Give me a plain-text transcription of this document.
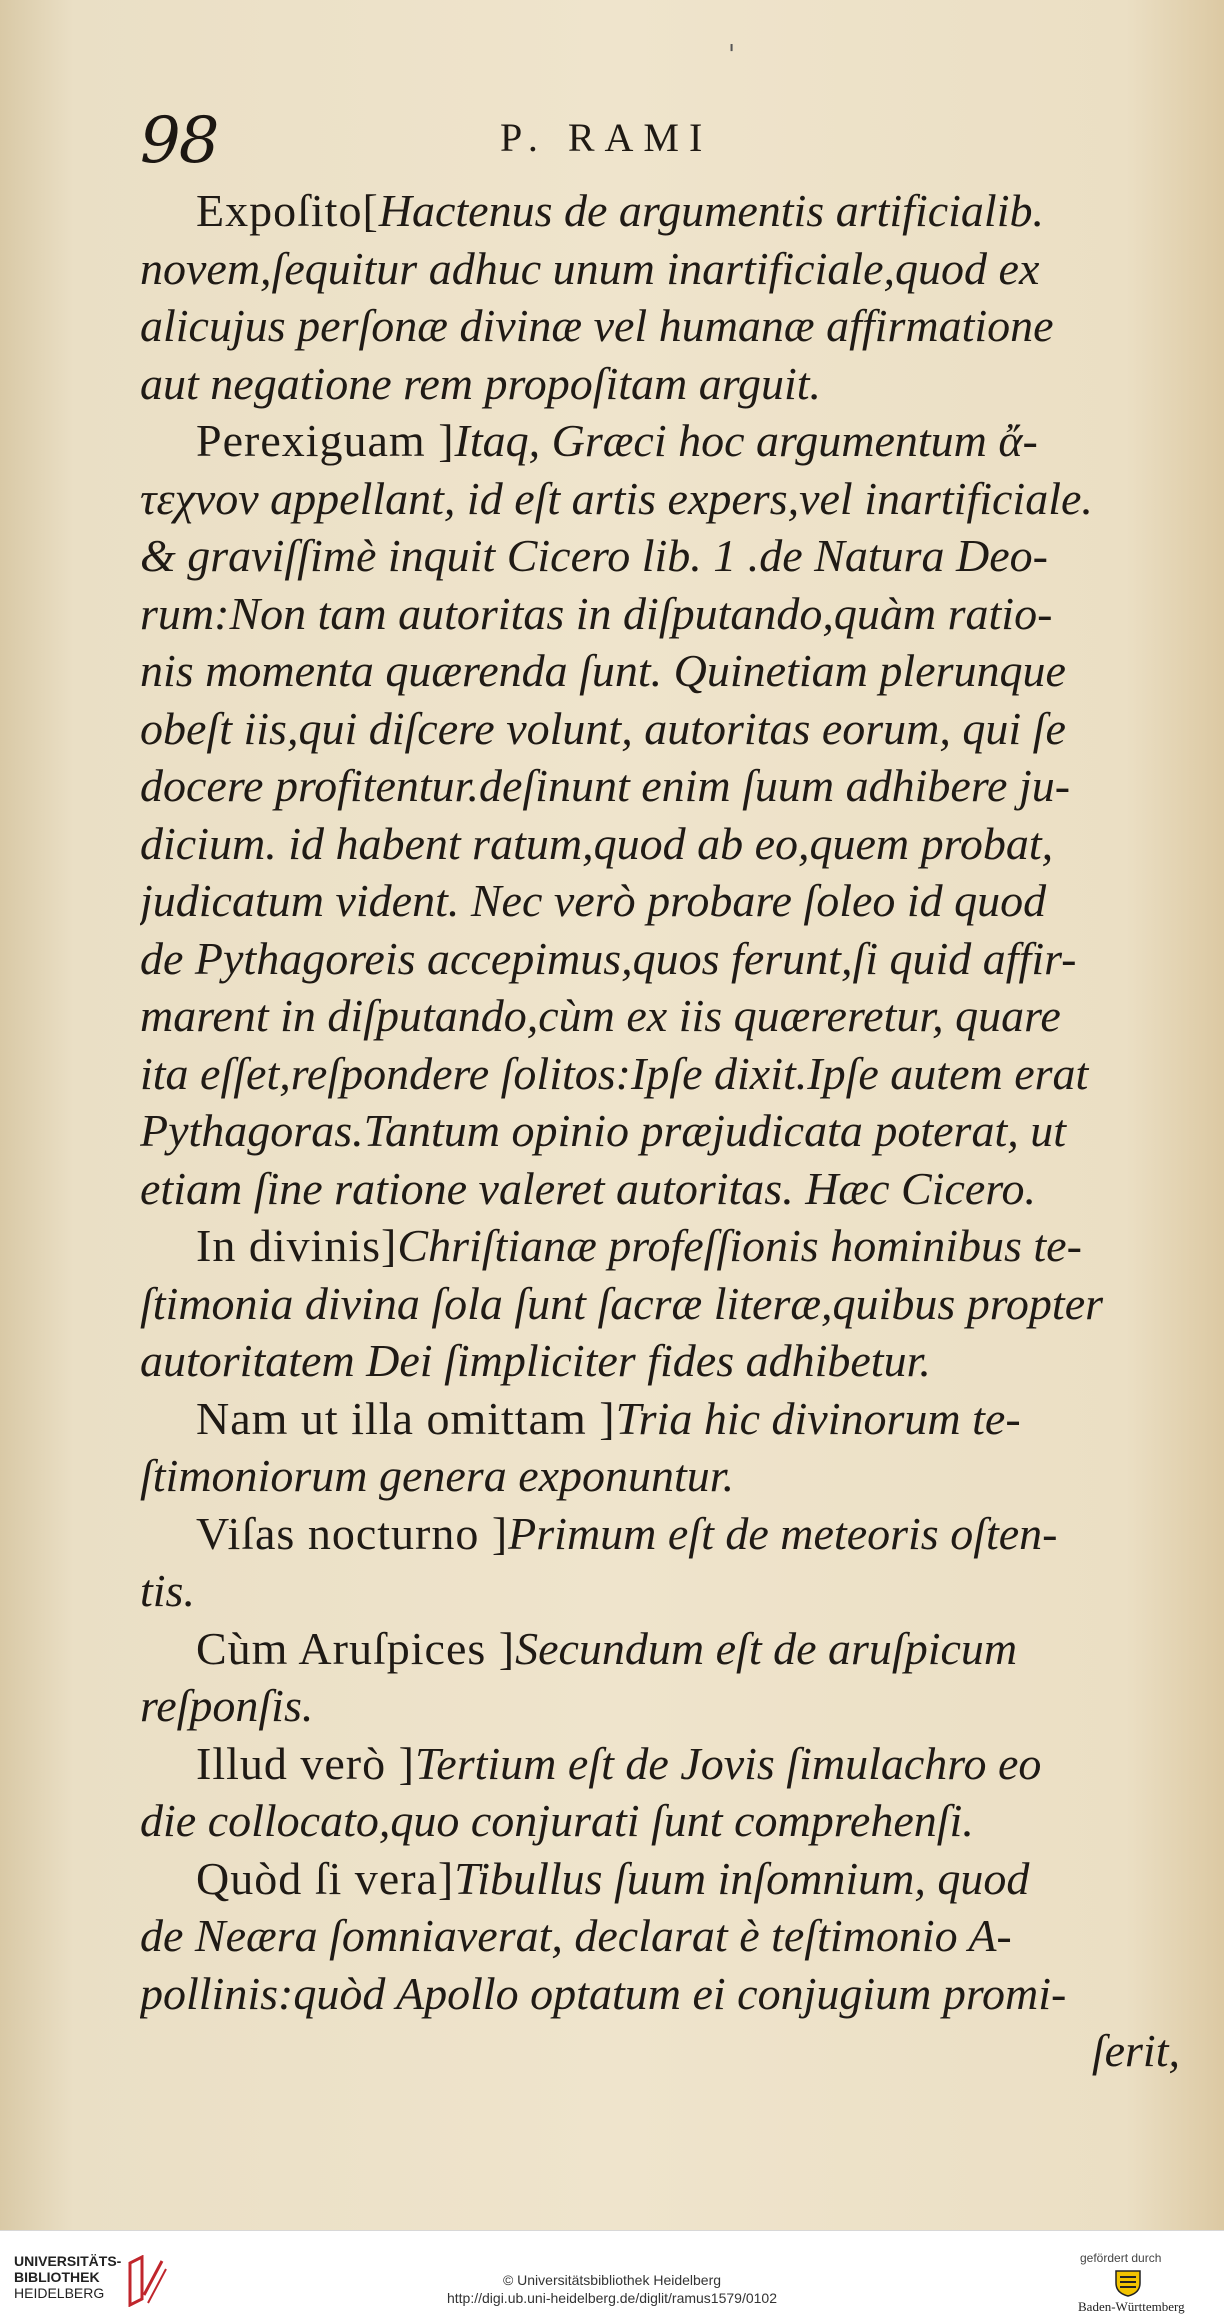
'
98	P. RAMI
Expoſito[Hactenus de argumentis artificialib.
novem,ſequitur adhuc unum inartificiale,quod ex
alicujus perſonæ divinæ vel humanæ affirmatione
aut negatione rem propoſitam arguit.
Perexiguam ]Itaq, Græci hoc argumentum ἄ-
τεχνον appellant, id eſt artis expers,vel inartificiale.
& graviſſimè inquit Cicero lib. 1 .de Natura Deo-
rum:Non tam autoritas in diſputando,quàm ratio-
nis momenta quærenda ſunt. Quinetiam plerunque
obeſt iis,qui diſcere volunt, autoritas eorum, qui ſe
docere profitentur.deſinunt enim ſuum adhibere ju-
dicium. id habent ratum,quod ab eo,quem probat,
judicatum vident. Nec verò probare ſoleo id quod
de Pythagoreis accepimus,quos ferunt,ſi quid affir-
marent in diſputando,cùm ex iis quæreretur, quare
ita eſſet,reſpondere ſolitos:Ipſe dixit.Ipſe autem erat
Pythagoras.Tantum opinio præjudicata poterat, ut
etiam ſine ratione valeret autoritas. Hæc Cicero.
In divinis]Chriſtianæ profeſſionis hominibus te-
ſtimonia divina ſola ſunt ſacræ literæ,quibus propter
autoritatem Dei ſimpliciter fides adhibetur.
Nam ut illa omittam ]Tria hic divinorum te-
ſtimoniorum genera exponuntur.
Viſas nocturno ]Primum eſt de meteoris oſten-
tis.
Cùm Aruſpices ]Secundum eſt de aruſpicum
reſponſis.
Illud verò ]Tertium eſt de Jovis ſimulachro eo
die collocato,quo conjurati ſunt comprehenſi.
Quòd ſi vera]Tibullus ſuum inſomnium, quod
de Neæra ſomniaverat, declarat è teſtimonio A-
pollinis:quòd Apollo optatum ei conjugium promi-
ſerit,
UNIVERSITÄTS-
BIBLIOTHEK
HEIDELBERG
© Universitätsbibliothek Heidelberg
http://digi.ub.uni-heidelberg.de/diglit/ramus1579/0102
gefördert durch
Baden-Württemberg
